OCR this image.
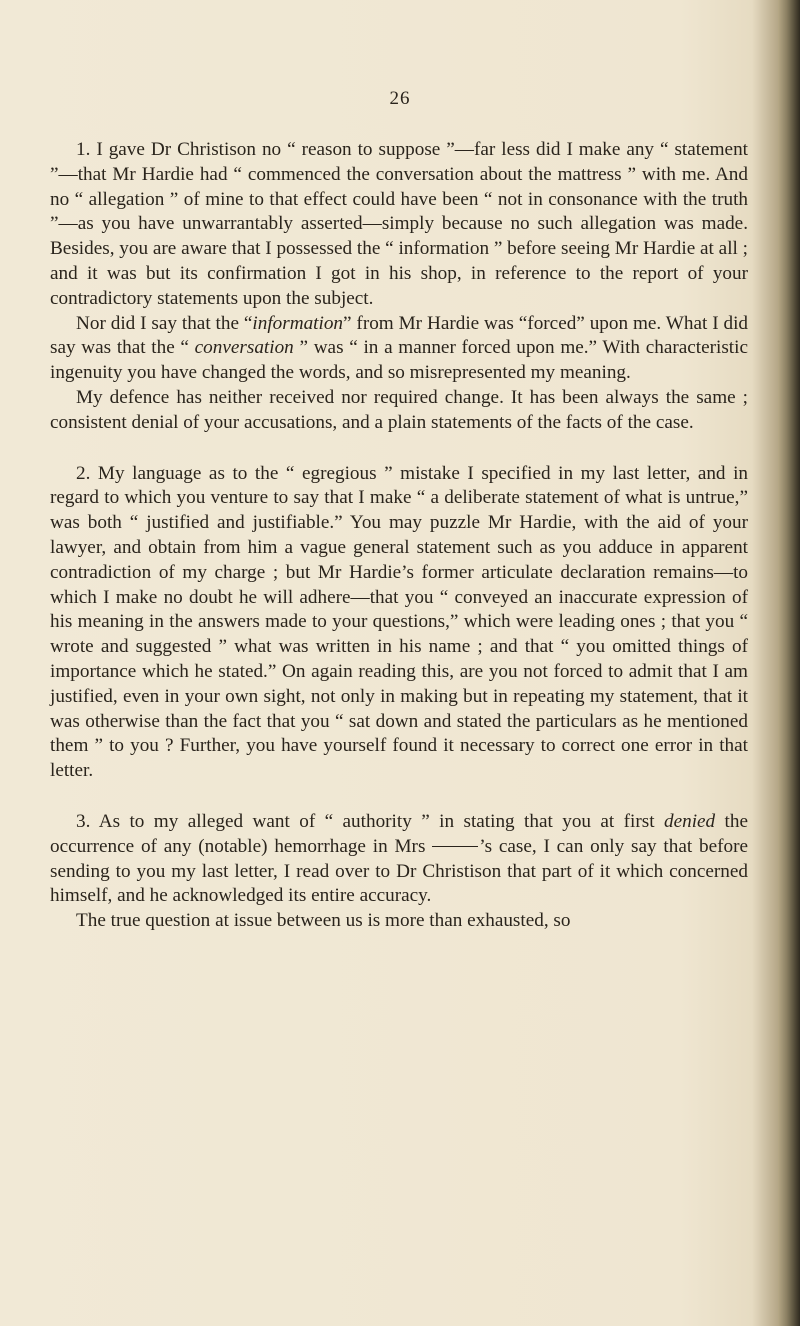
26

1. I gave Dr Christison no “ reason to suppose ”—far less did I make any “ statement ”—that Mr Hardie had “ commenced the conversation about the mattress ” with me. And no “ allegation ” of mine to that effect could have been “ not in consonance with the truth ”—as you have unwarrantably asserted—simply because no such allegation was made. Besides, you are aware that I possessed the “ information ” before seeing Mr Hardie at all ; and it was but its confirmation I got in his shop, in reference to the report of your contradictory statements upon the subject.

Nor did I say that the “information” from Mr Hardie was “forced” upon me. What I did say was that the “ conversation ” was “ in a manner forced upon me.” With characteristic ingenuity you have changed the words, and so misrepresented my meaning.

My defence has neither received nor required change. It has been always the same ; consistent denial of your accusations, and a plain statements of the facts of the case.

2. My language as to the “ egregious ” mistake I specified in my last letter, and in regard to which you venture to say that I make “ a deliberate statement of what is untrue,” was both “ justified and justifiable.” You may puzzle Mr Hardie, with the aid of your lawyer, and obtain from him a vague general statement such as you adduce in apparent contradiction of my charge ; but Mr Hardie’s former articulate declaration remains—to which I make no doubt he will adhere—that you “ conveyed an inaccurate expression of his meaning in the answers made to your questions,” which were leading ones ; that you “ wrote and suggested ” what was written in his name ; and that “ you omitted things of importance which he stated.” On again reading this, are you not forced to admit that I am justified, even in your own sight, not only in making but in repeating my statement, that it was otherwise than the fact that you “ sat down and stated the particulars as he mentioned them ” to you ? Further, you have yourself found it necessary to correct one error in that letter.

3. As to my alleged want of “ authority ” in stating that you at first denied the occurrence of any (notable) hemorrhage in Mrs	’s case, I can only say that before sending to you my last letter, I read over to Dr Christison that part of it which concerned himself, and he acknowledged its entire accuracy.

The true question at issue between us is more than exhausted, so
